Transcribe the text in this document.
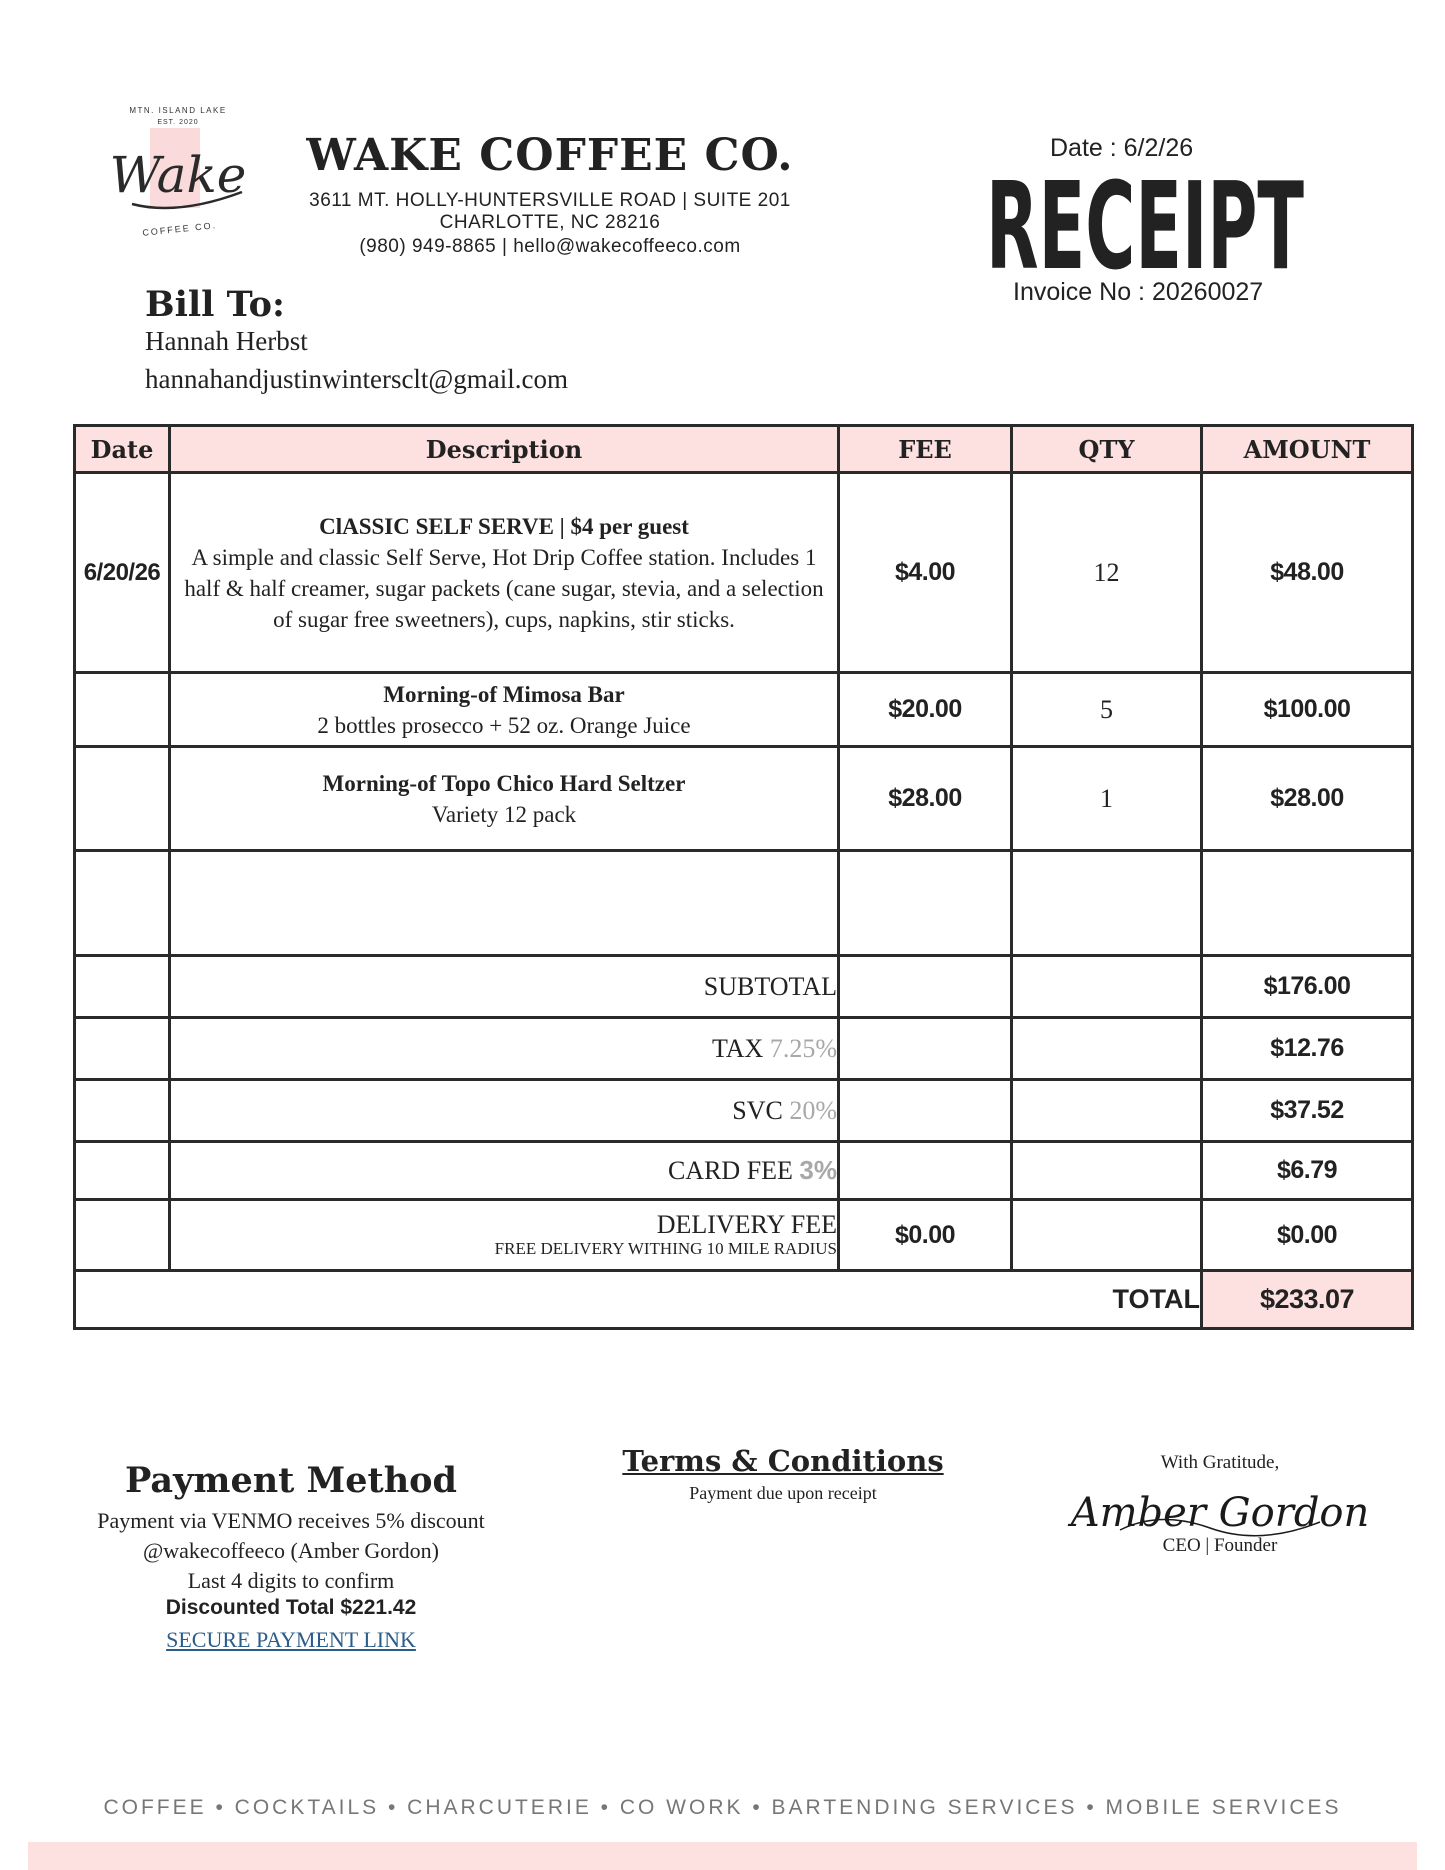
MTN. ISLAND LAKE
EST. 2020
Wake
COFFEE CO.
WAKE COFFEE CO.
3611 MT. HOLLY-HUNTERSVILLE ROAD | SUITE 201
CHARLOTTE, NC 28216
(980) 949-8865 | hello@wakecoffeeco.com
Date : 6/2/26
RECEIPT
Invoice No : 20260027
Bill To:
Hannah Herbst
hannahandjustinwintersclt@gmail.com
Date	Description	FEE	QTY	AMOUNT
6/20/26	ClASSIC SELF SERVE | $4 per guest
A simple and classic Self Serve, Hot Drip Coffee station. Includes 1 half & half creamer, sugar packets (cane sugar, stevia, and a selection of sugar free sweetners), cups, napkins, stir sticks.	$4.00	12	$48.00

	Morning-of Mimosa Bar
2 bottles prosecco + 52 oz. Orange Juice	$20.00	5	$100.00

	Morning-of Topo Chico Hard Seltzer
Variety 12 pack	$28.00	1	$28.00

	SUBTOTAL			$176.00
	TAX 7.25%			$12.76
	SVC 20%			$37.52
	CARD FEE 3%			$6.79

	DELIVERY FEE
FREE DELIVERY WITHING 10 MILE RADIUS	$0.00		$0.00
TOTAL				$233.07
Payment Method
Payment via VENMO receives 5% discount
@wakecoffeeco (Amber Gordon)
Last 4 digits to confirm
Discounted Total $221.42
SECURE PAYMENT LINK
Terms & Conditions
Payment due upon receipt
With Gratitude,
Amber Gordon
CEO | Founder
COFFEE • COCKTAILS • CHARCUTERIE • CO WORK • BARTENDING SERVICES • MOBILE SERVICES
